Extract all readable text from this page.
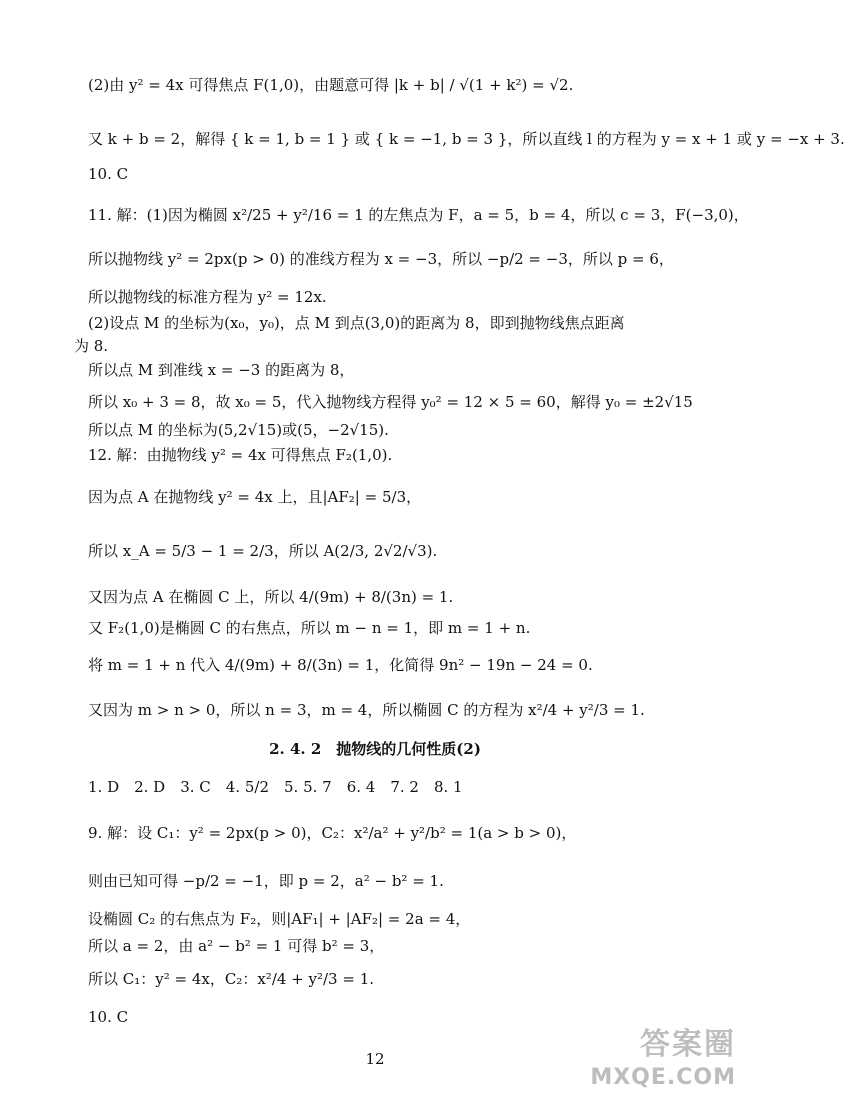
(2)由 y² = 4x 可得焦点 F(1,0)，由题意可得 |k + b| / √(1 + k²) = √2.
又 k + b = 2，解得 { k = 1, b = 1 } 或 { k = −1, b = 3 }，所以直线 l 的方程为 y = x + 1 或 y = −x + 3.
10. C
11. 解：(1)因为椭圆 x²/25 + y²/16 = 1 的左焦点为 F，a = 5，b = 4，所以 c = 3，F(−3,0)，
所以抛物线 y² = 2px(p > 0) 的准线方程为 x = −3，所以 −p/2 = −3，所以 p = 6，
所以抛物线的标准方程为 y² = 12x.
(2)设点 M 的坐标为(x₀，y₀)，点 M 到点(3,0)的距离为 8，即到抛物线焦点距离
为 8.
所以点 M 到准线 x = −3 的距离为 8，
所以 x₀ + 3 = 8，故 x₀ = 5，代入抛物线方程得 y₀² = 12 × 5 = 60，解得 y₀ = ±2√15
所以点 M 的坐标为(5,2√15)或(5，−2√15).
12. 解：由抛物线 y² = 4x 可得焦点 F₂(1,0).
因为点 A 在抛物线 y² = 4x 上，且|AF₂| = 5/3，
所以 x_A = 5/3 − 1 = 2/3，所以 A(2/3, 2√2/√3).
又因为点 A 在椭圆 C 上，所以 4/(9m) + 8/(3n) = 1.
又 F₂(1,0)是椭圆 C 的右焦点，所以 m − n = 1，即 m = 1 + n.
将 m = 1 + n 代入 4/(9m) + 8/(3n) = 1，化简得 9n² − 19n − 24 = 0.
又因为 m > n > 0，所以 n = 3，m = 4，所以椭圆 C 的方程为 x²/4 + y²/3 = 1.
2. 4. 2　抛物线的几何性质(2)
1. D　2. D　3. C　4. 5/2　5. 5. 7　6. 4　7. 2　8. 1
9. 解：设 C₁：y² = 2px(p > 0)，C₂：x²/a² + y²/b² = 1(a > b > 0)，
则由已知可得 −p/2 = −1，即 p = 2，a² − b² = 1.
设椭圆 C₂ 的右焦点为 F₂，则|AF₁| + |AF₂| = 2a = 4，
所以 a = 2，由 a² − b² = 1 可得 b² = 3，
所以 C₁：y² = 4x，C₂：x²/4 + y²/3 = 1.
10. C
12	答案圈
MXQE.COM
